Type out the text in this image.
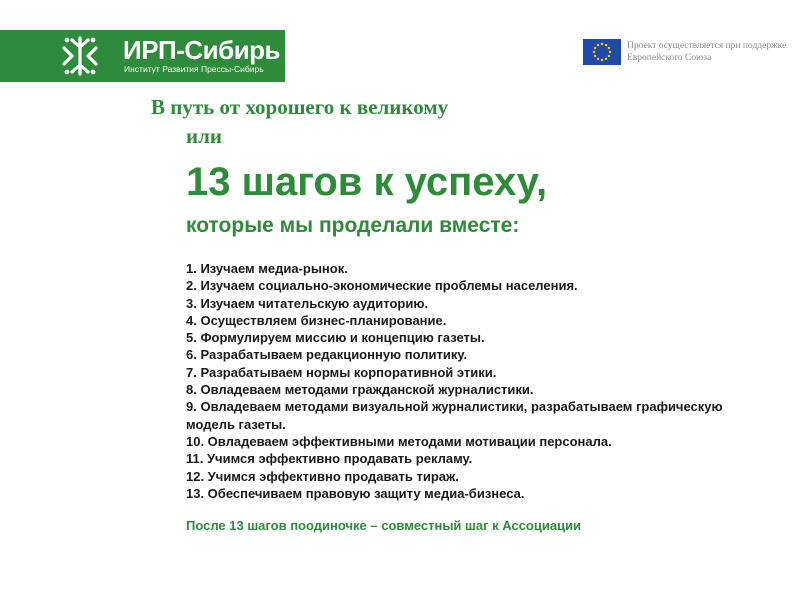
ИРП-Сибирь
Институт Развития Прессы-Сибирь
Проект осуществляется при поддержке Европейского Союза
В путь от хорошего к великому
или
13 шагов к успеху,
которые мы проделали вместе:
1. Изучаем медиа-рынок.
2. Изучаем социально-экономические проблемы населения.
3. Изучаем читательскую аудиторию.
4. Осуществляем бизнес-планирование.
5. Формулируем миссию и концепцию газеты.
6. Разрабатываем редакционную политику.
7. Разрабатываем нормы корпоративной этики.
8. Овладеваем методами гражданской журналистики.
9. Овладеваем методами визуальной журналистики, разрабатываем графическую модель газеты.
10. Овладеваем эффективными методами мотивации персонала.
11. Учимся эффективно продавать рекламу.
12. Учимся эффективно продавать тираж.
13. Обеспечиваем правовую защиту медиа-бизнеса.
После 13 шагов поодиночке – совместный шаг к Ассоциации
